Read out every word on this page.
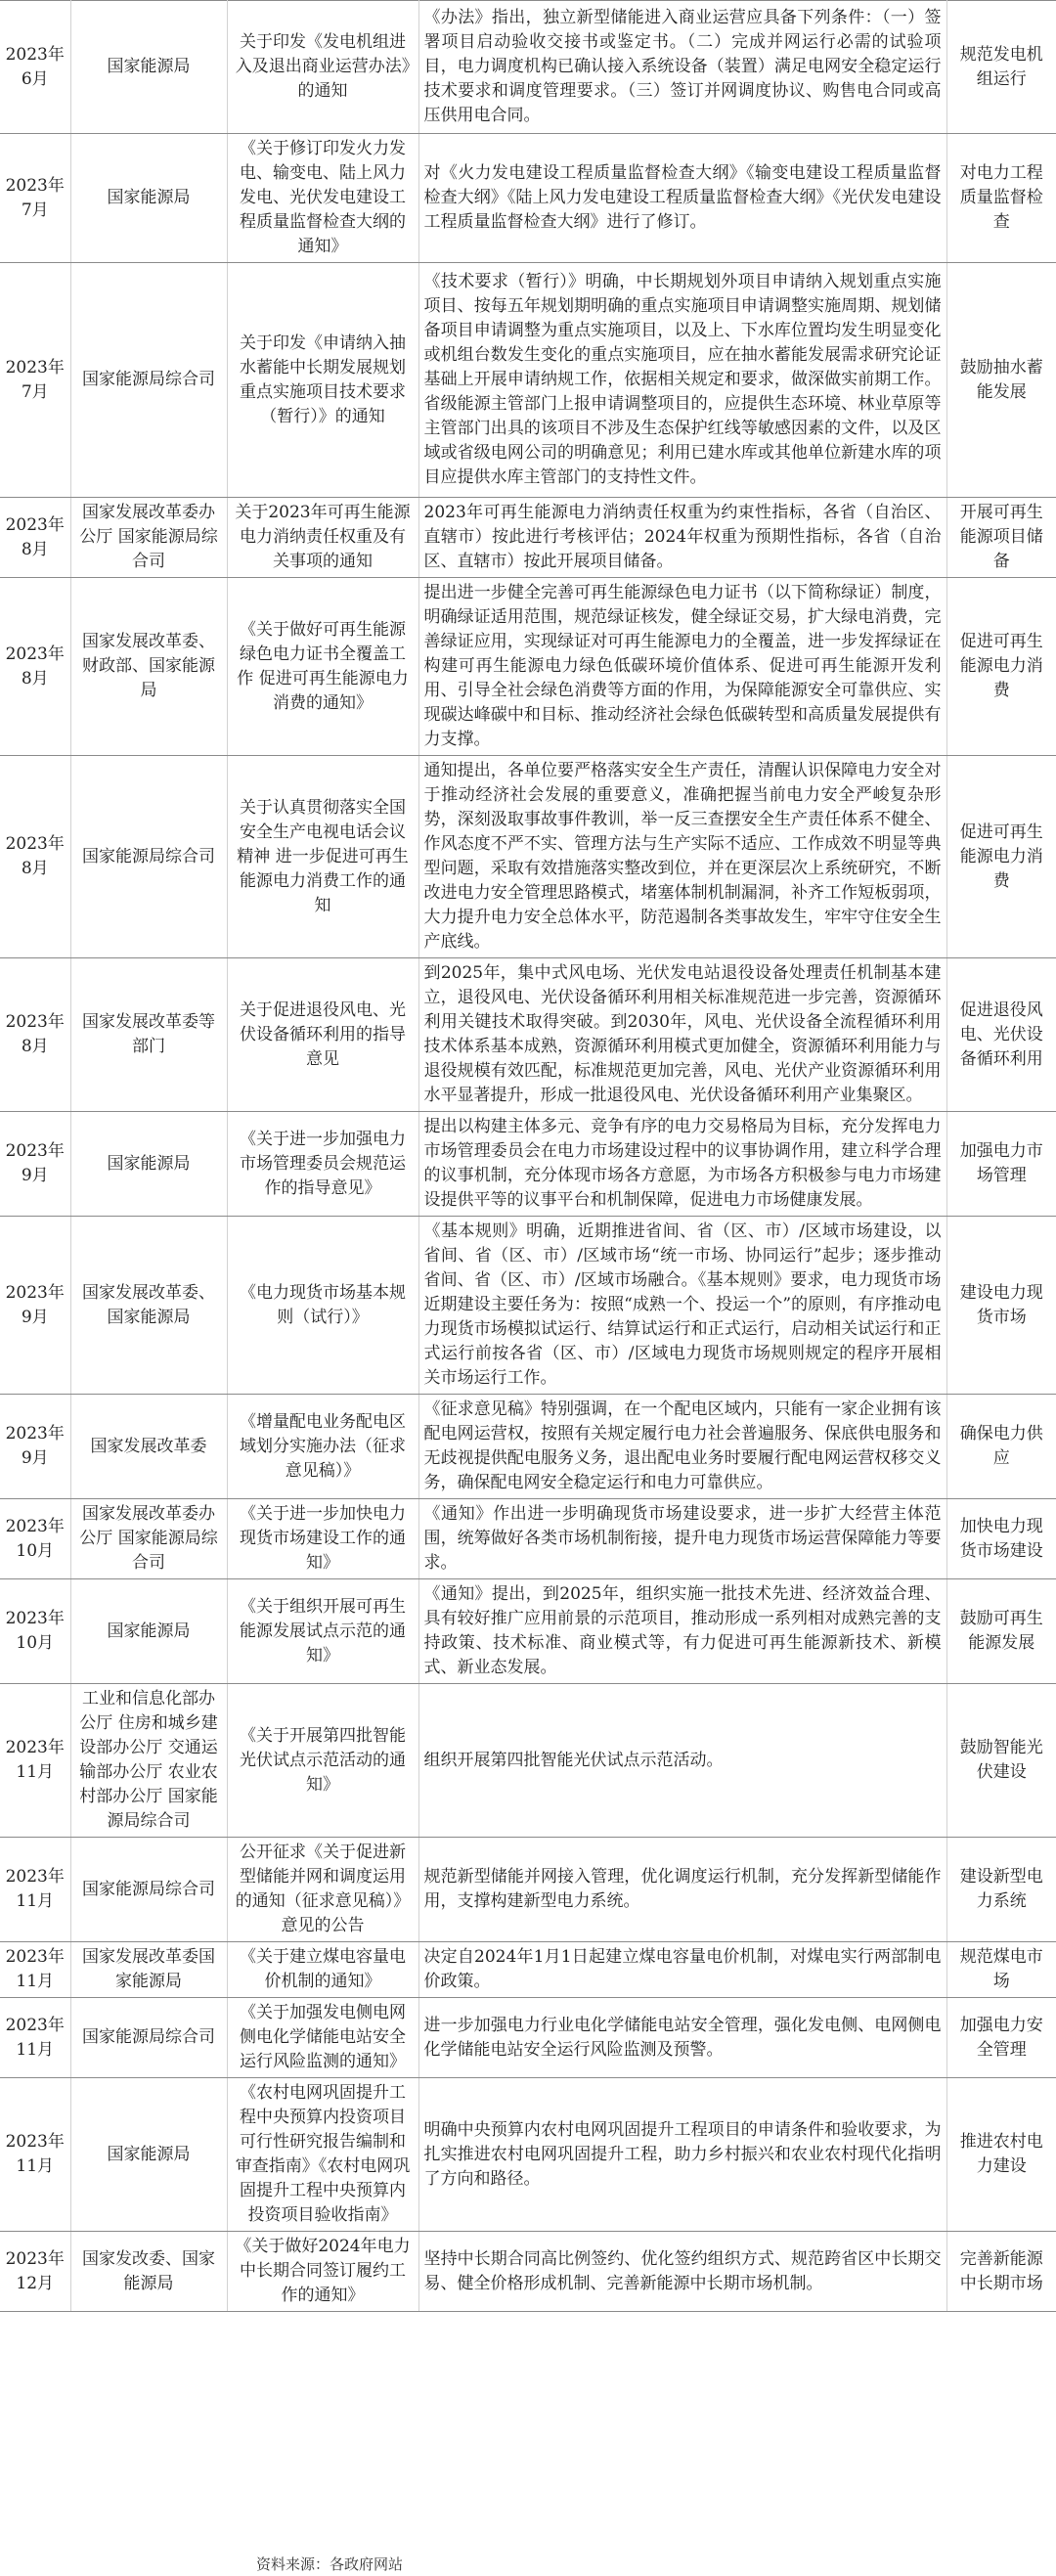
2023年6月	国家能源局	关于印发《发电机组进入及退出商业运营办法》的通知	《办法》指出，独立新型储能进入商业运营应具备下列条件：（一）签署项目启动验收交接书或鉴定书。（二）完成并网运行必需的试验项目，电力调度机构已确认接入系统设备（装置）满足电网安全稳定运行技术要求和调度管理要求。（三）签订并网调度协议、购售电合同或高压供用电合同。	规范发电机组运行
2023年7月	国家能源局	《关于修订印发火力发电、输变电、陆上风力发电、光伏发电建设工程质量监督检查大纲的通知》	对《火力发电建设工程质量监督检查大纲》《输变电建设工程质量监督检查大纲》《陆上风力发电建设工程质量监督检查大纲》《光伏发电建设工程质量监督检查大纲》进行了修订。	对电力工程质量监督检查
2023年7月	国家能源局综合司	关于印发《申请纳入抽水蓄能中长期发展规划重点实施项目技术要求（暂行）》的通知	《技术要求（暂行）》明确，中长期规划外项目申请纳入规划重点实施项目、按每五年规划期明确的重点实施项目申请调整实施周期、规划储备项目申请调整为重点实施项目，以及上、下水库位置均发生明显变化或机组台数发生变化的重点实施项目，应在抽水蓄能发展需求研究论证基础上开展申请纳规工作，依据相关规定和要求，做深做实前期工作。省级能源主管部门上报申请调整项目的，应提供生态环境、林业草原等主管部门出具的该项目不涉及生态保护红线等敏感因素的文件，以及区域或省级电网公司的明确意见；利用已建水库或其他单位新建水库的项目应提供水库主管部门的支持性文件。	鼓励抽水蓄能发展
2023年8月	国家发展改革委办公厅 国家能源局综合司	关于2023年可再生能源电力消纳责任权重及有关事项的通知	2023年可再生能源电力消纳责任权重为约束性指标，各省（自治区、直辖市）按此进行考核评估；2024年权重为预期性指标，各省（自治区、直辖市）按此开展项目储备。	开展可再生能源项目储备
2023年8月	国家发展改革委、财政部、国家能源局	《关于做好可再生能源绿色电力证书全覆盖工作 促进可再生能源电力消费的通知》	提出进一步健全完善可再生能源绿色电力证书（以下简称绿证）制度，明确绿证适用范围，规范绿证核发，健全绿证交易，扩大绿电消费，完善绿证应用，实现绿证对可再生能源电力的全覆盖，进一步发挥绿证在构建可再生能源电力绿色低碳环境价值体系、促进可再生能源开发利用、引导全社会绿色消费等方面的作用，为保障能源安全可靠供应、实现碳达峰碳中和目标、推动经济社会绿色低碳转型和高质量发展提供有力支撑。	促进可再生能源电力消费
2023年8月	国家能源局综合司	关于认真贯彻落实全国安全生产电视电话会议精神 进一步促进可再生能源电力消费工作的通知	通知提出，各单位要严格落实安全生产责任，清醒认识保障电力安全对于推动经济社会发展的重要意义，准确把握当前电力安全严峻复杂形势，深刻汲取事故事件教训，举一反三查摆安全生产责任体系不健全、作风态度不严不实、管理方法与生产实际不适应、工作成效不明显等典型问题，采取有效措施落实整改到位，并在更深层次上系统研究，不断改进电力安全管理思路模式，堵塞体制机制漏洞，补齐工作短板弱项，大力提升电力安全总体水平，防范遏制各类事故发生，牢牢守住安全生产底线。	促进可再生能源电力消费
2023年8月	国家发展改革委等部门	关于促进退役风电、光伏设备循环利用的指导意见	到2025年，集中式风电场、光伏发电站退役设备处理责任机制基本建立，退役风电、光伏设备循环利用相关标准规范进一步完善，资源循环利用关键技术取得突破。到2030年，风电、光伏设备全流程循环利用技术体系基本成熟，资源循环利用模式更加健全，资源循环利用能力与退役规模有效匹配，标准规范更加完善，风电、光伏产业资源循环利用水平显著提升，形成一批退役风电、光伏设备循环利用产业集聚区。	促进退役风电、光伏设备循环利用
2023年9月	国家能源局	《关于进一步加强电力市场管理委员会规范运作的指导意见》	提出以构建主体多元、竞争有序的电力交易格局为目标，充分发挥电力市场管理委员会在电力市场建设过程中的议事协调作用，建立科学合理的议事机制，充分体现市场各方意愿，为市场各方积极参与电力市场建设提供平等的议事平台和机制保障，促进电力市场健康发展。	加强电力市场管理
2023年9月	国家发展改革委、国家能源局	《电力现货市场基本规则（试行）》	《基本规则》明确，近期推进省间、省（区、市）/区域市场建设，以省间、省（区、市）/区域市场“统一市场、协同运行”起步；逐步推动省间、省（区、市）/区域市场融合。《基本规则》要求，电力现货市场近期建设主要任务为：按照“成熟一个、投运一个”的原则，有序推动电力现货市场模拟试运行、结算试运行和正式运行，启动相关试运行和正式运行前按各省（区、市）/区域电力现货市场规则规定的程序开展相关市场运行工作。	建设电力现货市场
2023年9月	国家发展改革委	《增量配电业务配电区域划分实施办法（征求意见稿）》	《征求意见稿》特别强调，在一个配电区域内，只能有一家企业拥有该配电网运营权，按照有关规定履行电力社会普遍服务、保底供电服务和无歧视提供配电服务义务，退出配电业务时要履行配电网运营权移交义务，确保配电网安全稳定运行和电力可靠供应。	确保电力供应
2023年10月	国家发展改革委办公厅 国家能源局综合司	《关于进一步加快电力现货市场建设工作的通知》	《通知》作出进一步明确现货市场建设要求，进一步扩大经营主体范围，统筹做好各类市场机制衔接，提升电力现货市场运营保障能力等要求。	加快电力现货市场建设
2023年10月	国家能源局	《关于组织开展可再生能源发展试点示范的通知》	《通知》提出，到2025年，组织实施一批技术先进、经济效益合理、具有较好推广应用前景的示范项目，推动形成一系列相对成熟完善的支持政策、技术标准、商业模式等，有力促进可再生能源新技术、新模式、新业态发展。	鼓励可再生能源发展
2023年11月	工业和信息化部办公厅 住房和城乡建设部办公厅 交通运输部办公厅 农业农村部办公厅 国家能源局综合司	《关于开展第四批智能光伏试点示范活动的通知》	组织开展第四批智能光伏试点示范活动。	鼓励智能光伏建设
2023年11月	国家能源局综合司	公开征求《关于促进新型储能并网和调度运用的通知（征求意见稿）》意见的公告	规范新型储能并网接入管理，优化调度运行机制，充分发挥新型储能作用，支撑构建新型电力系统。	建设新型电力系统
2023年11月	国家发展改革委国家能源局	《关于建立煤电容量电价机制的通知》	决定自2024年1月1日起建立煤电容量电价机制，对煤电实行两部制电价政策。	规范煤电市场
2023年11月	国家能源局综合司	《关于加强发电侧电网侧电化学储能电站安全运行风险监测的通知》	进一步加强电力行业电化学储能电站安全管理，强化发电侧、电网侧电化学储能电站安全运行风险监测及预警。	加强电力安全管理
2023年11月	国家能源局	《农村电网巩固提升工程中央预算内投资项目可行性研究报告编制和审查指南》《农村电网巩固提升工程中央预算内投资项目验收指南》	明确中央预算内农村电网巩固提升工程项目的申请条件和验收要求，为扎实推进农村电网巩固提升工程，助力乡村振兴和农业农村现代化指明了方向和路径。	推进农村电力建设
2023年12月	国家发改委、国家能源局	《关于做好2024年电力中长期合同签订履约工作的通知》	坚持中长期合同高比例签约、优化签约组织方式、规范跨省区中长期交易、健全价格形成机制、完善新能源中长期市场机制。	完善新能源中长期市场
资料来源：各政府网站
